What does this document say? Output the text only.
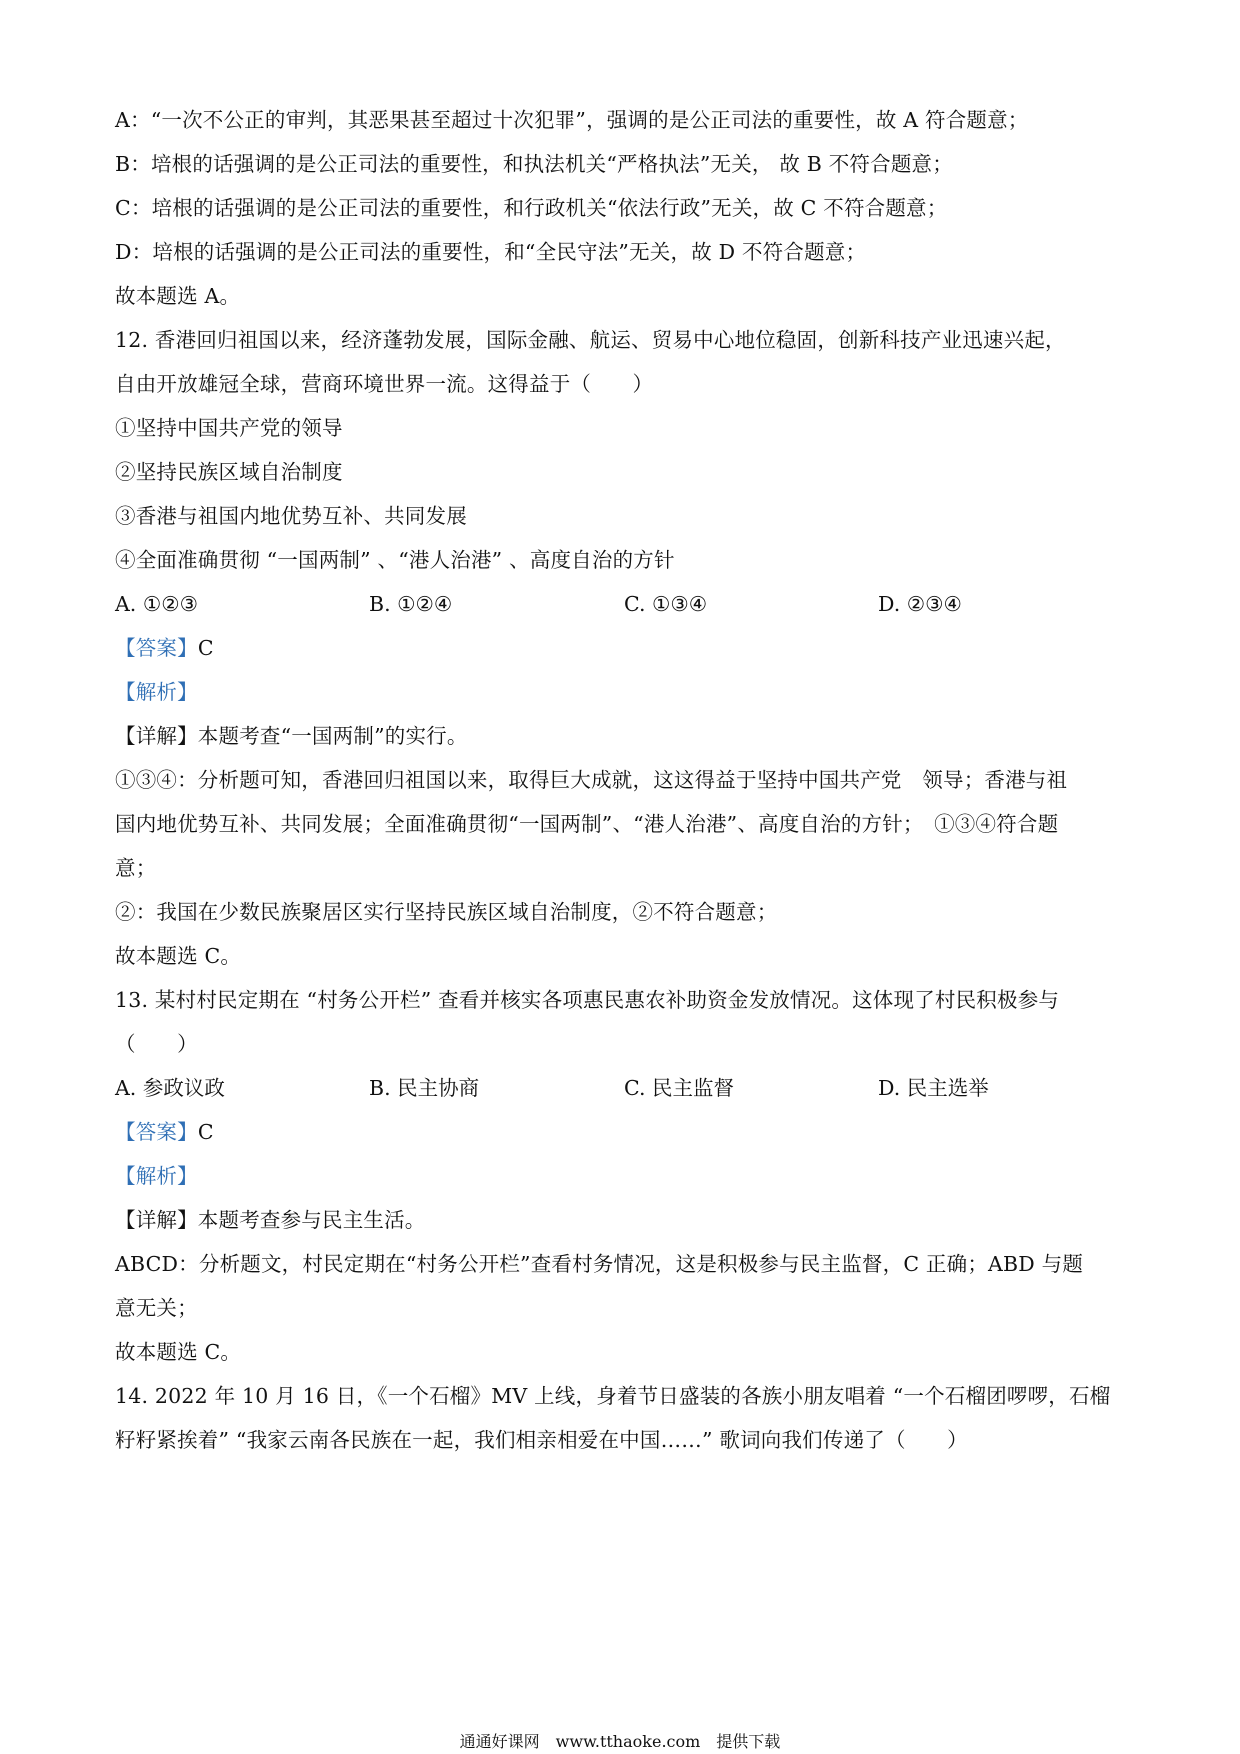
A：“一次不公正的审判，其恶果甚至超过十次犯罪”，强调的是公正司法的重要性，故 A 符合题意；
B：培根的话强调的是公正司法的重要性，和执法机关“严格执法”无关， 故 B 不符合题意；
C：培根的话强调的是公正司法的重要性，和行政机关“依法行政”无关，故 C 不符合题意；
D：培根的话强调的是公正司法的重要性，和“全民守法”无关，故 D 不符合题意；
故本题选 A。
12. 香港回归祖国以来，经济蓬勃发展，国际金融、航运、贸易中心地位稳固，创新科技产业迅速兴起，
自由开放雄冠全球，营商环境世界一流。这得益于（　　）
①坚持中国共产党的领导
②坚持民族区域自治制度
③香港与祖国内地优势互补、共同发展
④全面准确贯彻 “一国两制” 、“港人治港” 、高度自治的方针
A. ①②③	B. ①②④	C. ①③④	D. ②③④
【答案】C
【解析】
【详解】本题考查“一国两制”的实行。
①③④：分析题可知，香港回归祖国以来，取得巨大成就，这这得益于坚持中国共产党　领导；香港与祖
国内地优势互补、共同发展；全面准确贯彻“一国两制”、“港人治港”、高度自治的方针；　①③④符合题
意；
②：我国在少数民族聚居区实行坚持民族区域自治制度，②不符合题意；
故本题选 C。
13. 某村村民定期在 “村务公开栏” 查看并核实各项惠民惠农补助资金发放情况。这体现了村民积极参与
（　　）
A. 参政议政	B. 民主协商	C. 民主监督	D. 民主选举
【答案】C
【解析】
【详解】本题考查参与民主生活。
ABCD：分析题文，村民定期在“村务公开栏”查看村务情况，这是积极参与民主监督，C 正确；ABD 与题
意无关；
故本题选 C。
14. 2022 年 10 月 16 日，《一个石榴》MV 上线，身着节日盛装的各族小朋友唱着 “一个石榴团啰啰，石榴
籽籽紧挨着” “我家云南各民族在一起，我们相亲相爱在中国……” 歌词向我们传递了（　　）
通通好课网　www.tthaoke.com　提供下载
